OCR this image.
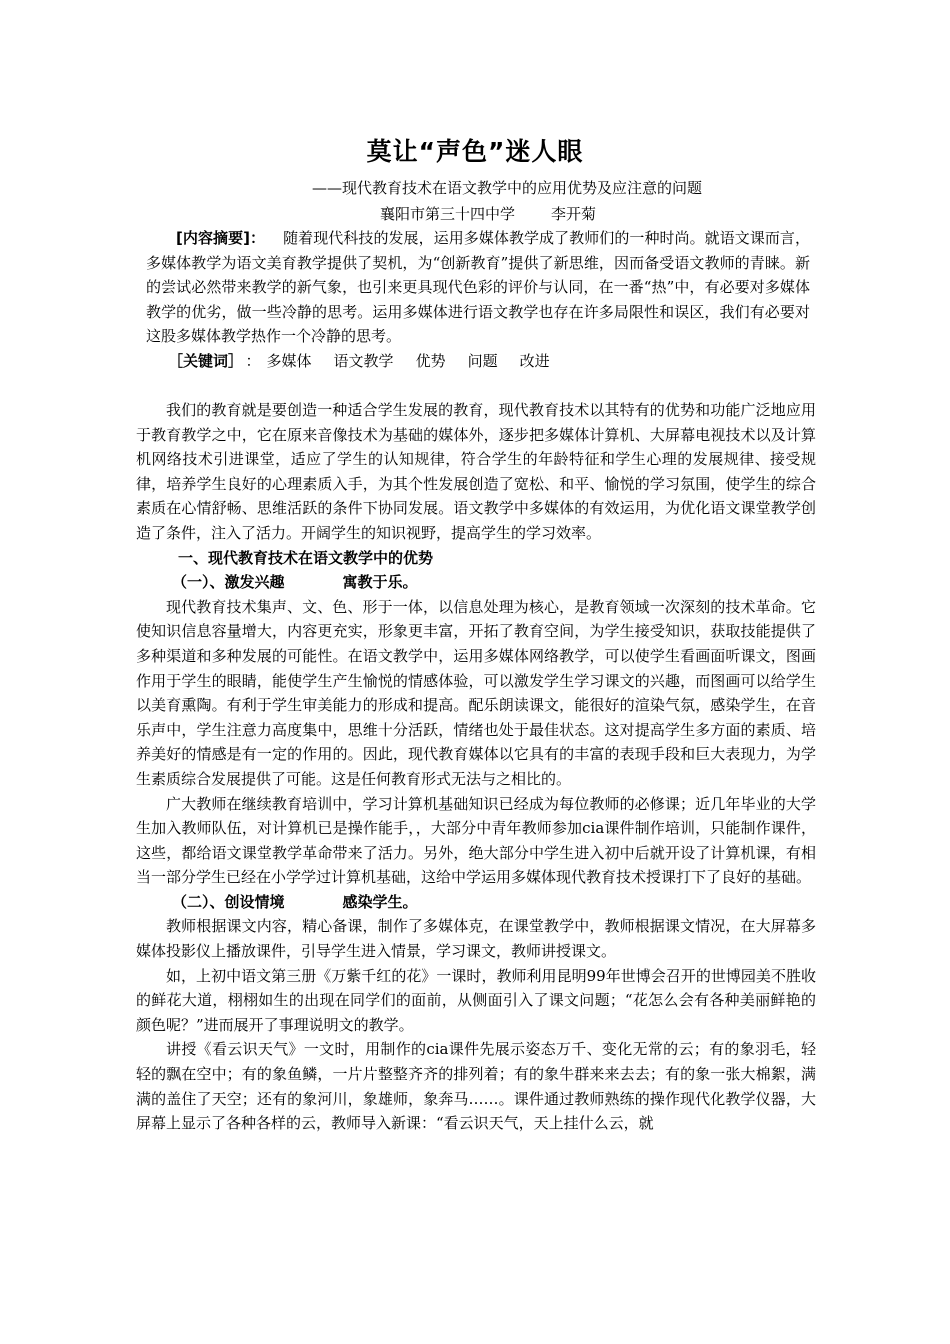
莫让“声色”迷人眼
——现代教育技术在语文教学中的应用优势及应注意的问题
襄阳市第三十四中学 李开菊
[内容摘要]： 随着现代科技的发展，运用多媒体教学成了教师们的一种时尚。就语文课而言，多媒体教学为语文美育教学提供了契机，为“创新教育”提供了新思维，因而备受语文教师的青睐。新的尝试必然带来教学的新气象，也引来更具现代色彩的评价与认同，在一番“热”中，有必要对多媒体教学的优劣，做一些冷静的思考。运用多媒体进行语文教学也存在许多局限性和误区，我们有必要对这股多媒体教学热作一个冷静的思考。
［关键词］ ： 多媒体 语文教学 优势 问题 改进

我们的教育就是要创造一种适合学生发展的教育，现代教育技术以其特有的优势和功能广泛地应用于教育教学之中，它在原来音像技术为基础的媒体外，逐步把多媒体计算机、大屏幕电视技术以及计算机网络技术引进课堂，适应了学生的认知规律，符合学生的年龄特征和学生心理的发展规律、接受规律，培养学生良好的心理素质入手，为其个性发展创造了宽松、和平、愉悦的学习氛围，使学生的综合素质在心情舒畅、思维活跃的条件下协同发展。语文教学中多媒体的有效运用，为优化语文课堂教学创造了条件，注入了活力。开阔学生的知识视野，提高学生的学习效率。

一、现代教育技术在语文教学中的优势
（一）、激发兴趣	寓教于乐。

现代教育技术集声、文、色、形于一体，以信息处理为核心，是教育领域一次深刻的技术革命。它使知识信息容量增大，内容更充实，形象更丰富，开拓了教育空间，为学生接受知识，获取技能提供了多种渠道和多种发展的可能性。在语文教学中，运用多媒体网络教学，可以使学生看画面听课文，图画作用于学生的眼睛，能使学生产生愉悦的情感体验，可以激发学生学习课文的兴趣，而图画可以给学生以美育熏陶。有利于学生审美能力的形成和提高。配乐朗读课文，能很好的渲染气氛，感染学生，在音乐声中，学生注意力高度集中，思维十分活跃，情绪也处于最佳状态。这对提高学生多方面的素质、培养美好的情感是有一定的作用的。因此，现代教育媒体以它具有的丰富的表现手段和巨大表现力，为学生素质综合发展提供了可能。这是任何教育形式无法与之相比的。

广大教师在继续教育培训中，学习计算机基础知识已经成为每位教师的必修课；近几年毕业的大学生加入教师队伍，对计算机已是操作能手，，大部分中青年教师参加cia课件制作培训，只能制作课件，这些，都给语文课堂教学革命带来了活力。另外，绝大部分中学生进入初中后就开设了计算机课，有相当一部分学生已经在小学学过计算机基础，这给中学运用多媒体现代教育技术授课打下了良好的基础。

（二）、创设情境	感染学生。

教师根据课文内容，精心备课，制作了多媒体克，在课堂教学中，教师根据课文情况，在大屏幕多媒体投影仪上播放课件，引导学生进入情景，学习课文，教师讲授课文。

如，上初中语文第三册《万紫千红的花》一课时，教师利用昆明99年世博会召开的世博园美不胜收的鲜花大道，栩栩如生的出现在同学们的面前，从侧面引入了课文问题；“花怎么会有各种美丽鲜艳的颜色呢？”进而展开了事理说明文的教学。

讲授《看云识天气》一文时，用制作的cia课件先展示姿态万千、变化无常的云；有的象羽毛，轻轻的飘在空中；有的象鱼鳞，一片片整整齐齐的排列着；有的象牛群来来去去；有的象一张大棉絮，满满的盖住了天空；还有的象河川，象雄师，象奔马……。课件通过教师熟练的操作现代化教学仪器，大屏幕上显示了各种各样的云，教师导入新课：“看云识天气，天上挂什么云，就
